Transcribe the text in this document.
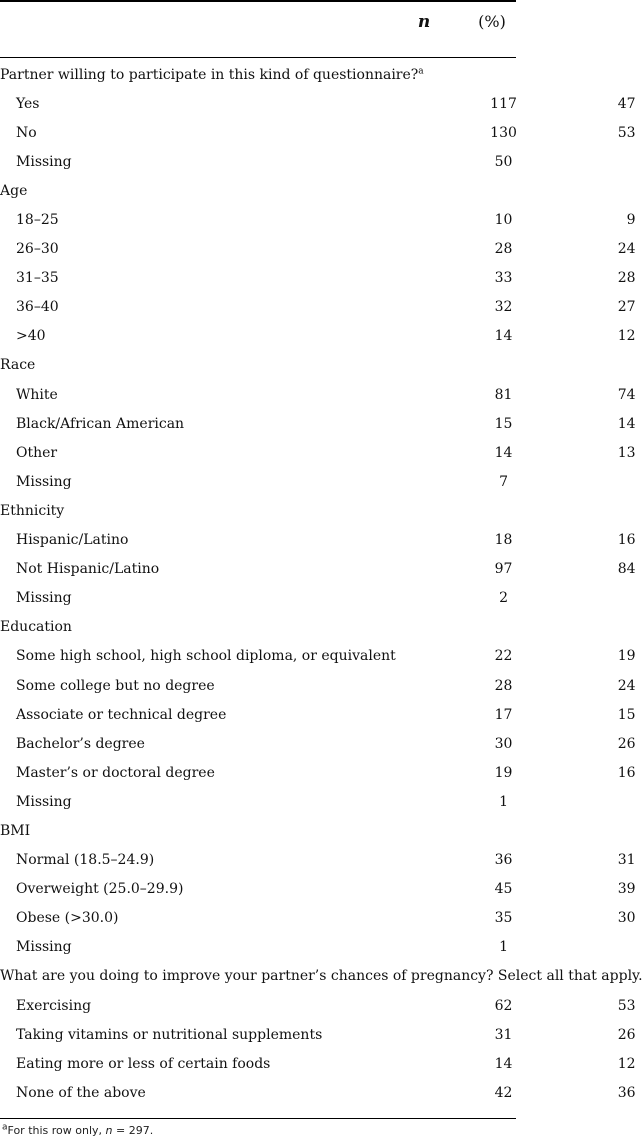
n	(%)
Partner willing to participate in this kind of questionnaire?$^a$
Yes	117	47
No	130	53
Missing	50	
Age		
18–25	10	9
26–30	28	24
31–35	33	28
36–40	32	27
>40	14	12
Race		
White	81	74
Black/African American	15	14
Other	14	13
Missing	7	
Ethnicity		
Hispanic/Latino	18	16
Not Hispanic/Latino	97	84
Missing	2	
Education		
Some high school, high school diploma, or equivalent	22	19
Some college but no degree	28	24
Associate or technical degree	17	15
Bachelor’s degree	30	26
Master’s or doctoral degree	19	16
Missing	1	
BMI		
Normal (18.5–24.9)	36	31
Overweight (25.0–29.9)	45	39
Obese (>30.0)	35	30
Missing	1	
What are you doing to improve your partner’s chances of pregnancy? Select all that apply.		
Exercising	62	53
Taking vitamins or nutritional supplements	31	26
Eating more or less of certain foods	14	12
None of the above	42	36
$^a$For this row only, n = 297.
